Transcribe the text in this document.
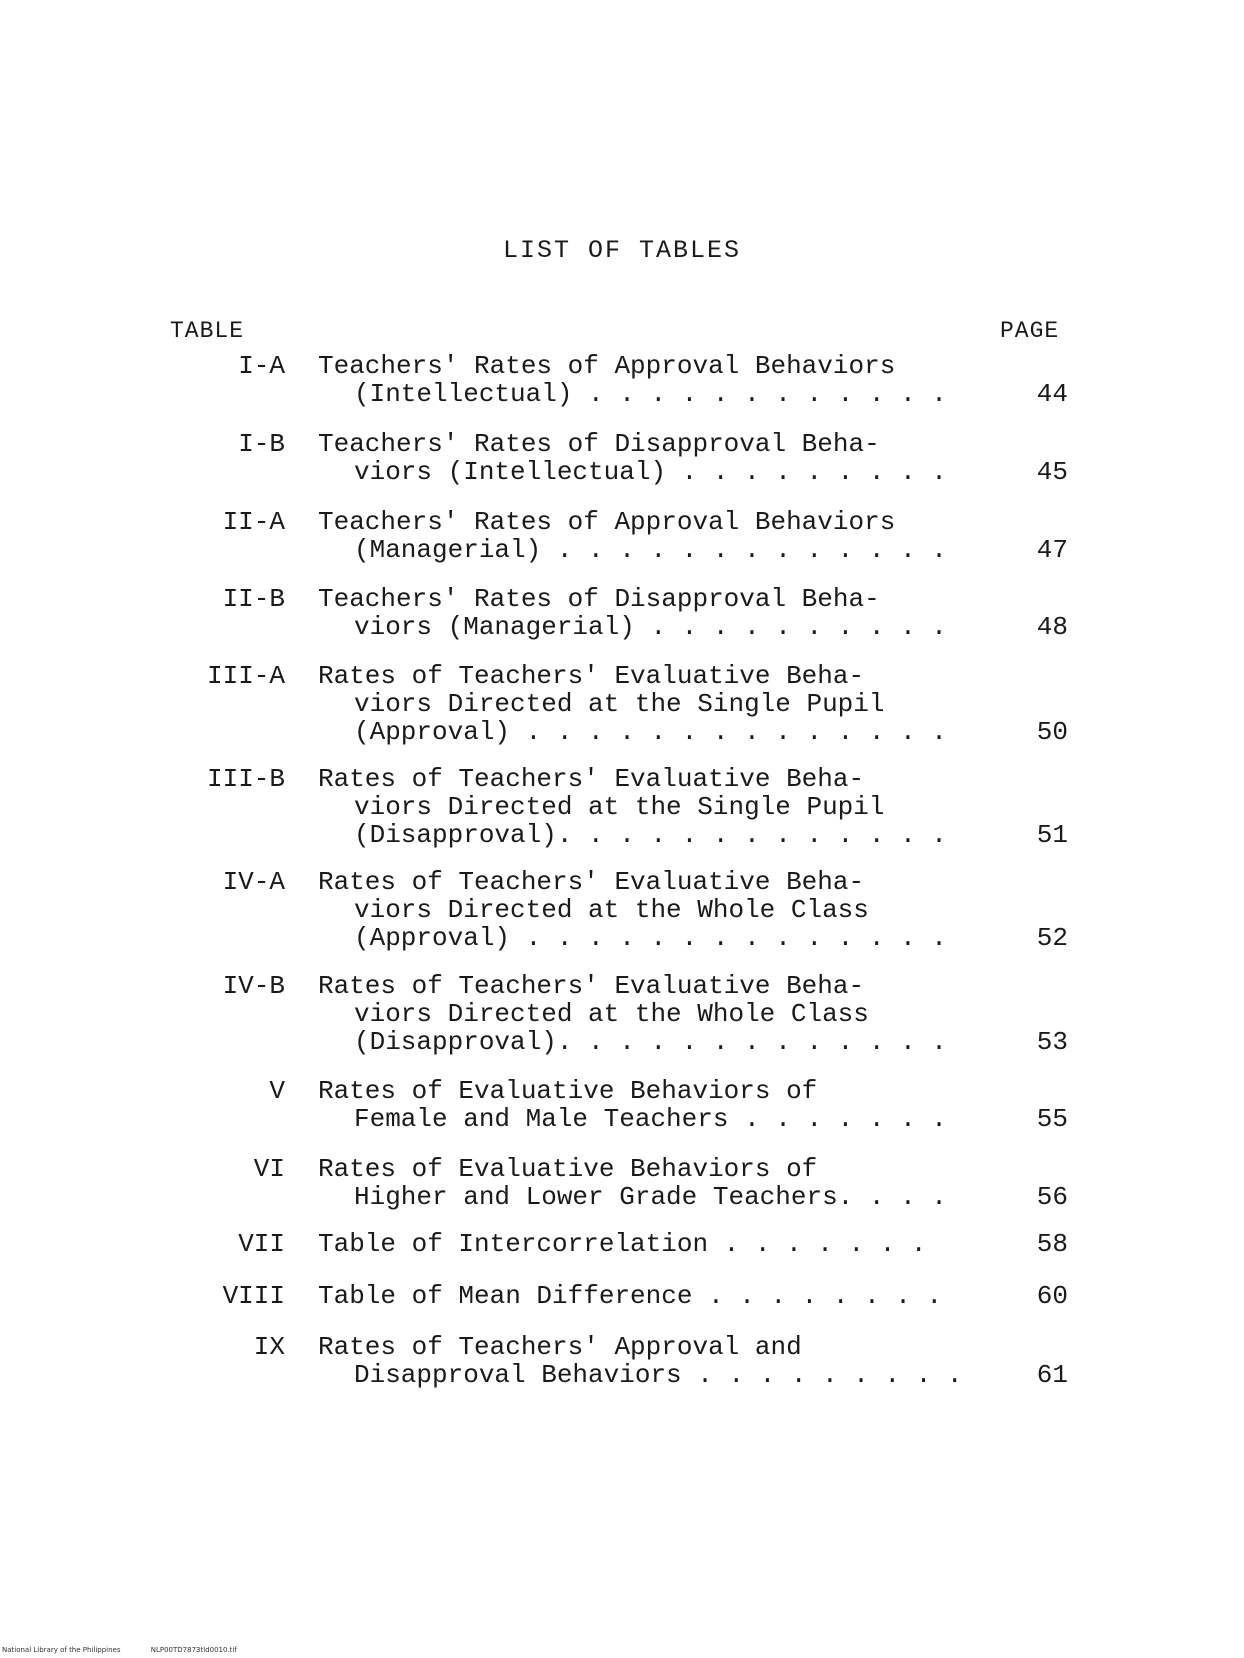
LIST OF TABLES
TABLE	PAGE
I-A Teachers' Rates of Approval Behaviors
(Intellectual) . . . . . . . . . . . .	44
I-B Teachers' Rates of Disapproval Beha-
viors (Intellectual) . . . . . . . . .	45
II-A Teachers' Rates of Approval Behaviors
(Managerial) . . . . . . . . . . . . .	47
II-B Teachers' Rates of Disapproval Beha-
viors (Managerial) . . . . . . . . . .	48
III-A Rates of Teachers' Evaluative Beha-
viors Directed at the Single Pupil
(Approval) . . . . . . . . . . . . . .	50
III-B Rates of Teachers' Evaluative Beha-
viors Directed at the Single Pupil
(Disapproval). . . . . . . . . . . . .	51
IV-A Rates of Teachers' Evaluative Beha-
viors Directed at the Whole Class
(Approval) . . . . . . . . . . . . . .	52
IV-B Rates of Teachers' Evaluative Beha-
viors Directed at the Whole Class
(Disapproval). . . . . . . . . . . . .	53
V Rates of Evaluative Behaviors of
Female and Male Teachers . . . . . . .	55
VI Rates of Evaluative Behaviors of
Higher and Lower Grade Teachers. . . .	56
VII Table of Intercorrelation . . . . . . .	58
VIII Table of Mean Difference . . . . . . . .	60
IX Rates of Teachers' Approval and
Disapproval Behaviors . . . . . . . . .	61
National Library of the Philippines	NLP00TD7873tld0010.tif
